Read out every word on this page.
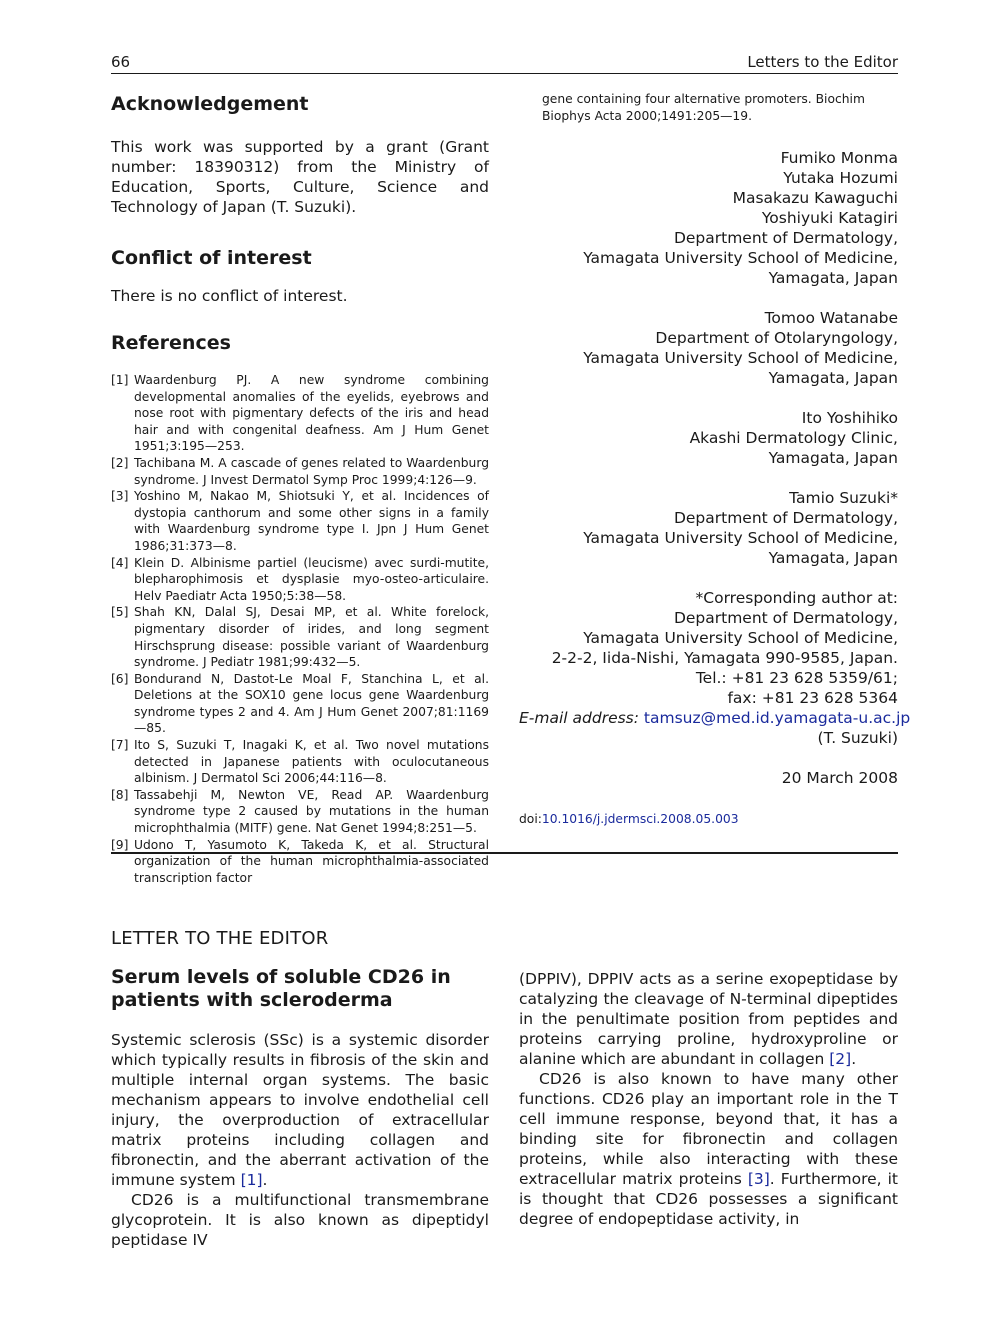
66	Letters to the Editor
Acknowledgement

This work was supported by a grant (Grant number: 18390312) from the Ministry of Education, Sports, Culture, Science and Technology of Japan (T. Suzuki).

Conflict of interest

There is no conflict of interest.

References
[1] Waardenburg PJ. A new syndrome combining developmental anomalies of the eyelids, eyebrows and nose root with pigmentary defects of the iris and head hair and with congenital deafness. Am J Hum Genet 1951;3:195—253.
[2] Tachibana M. A cascade of genes related to Waardenburg syndrome. J Invest Dermatol Symp Proc 1999;4:126—9.
[3] Yoshino M, Nakao M, Shiotsuki Y, et al. Incidences of dystopia canthorum and some other signs in a family with Waardenburg syndrome type I. Jpn J Hum Genet 1986;31:373—8.
[4] Klein D. Albinisme partiel (leucisme) avec surdi-mutite, blepharophimosis et dysplasie myo-osteo-articulaire. Helv Paediatr Acta 1950;5:38—58.
[5] Shah KN, Dalal SJ, Desai MP, et al. White forelock, pigmentary disorder of irides, and long segment Hirschsprung disease: possible variant of Waardenburg syndrome. J Pediatr 1981;99:432—5.
[6] Bondurand N, Dastot-Le Moal F, Stanchina L, et al. Deletions at the SOX10 gene locus gene Waardenburg syndrome types 2 and 4. Am J Hum Genet 2007;81:1169—85.
[7] Ito S, Suzuki T, Inagaki K, et al. Two novel mutations detected in Japanese patients with oculocutaneous albinism. J Dermatol Sci 2006;44:116—8.
[8] Tassabehji M, Newton VE, Read AP. Waardenburg syndrome type 2 caused by mutations in the human microphthalmia (MITF) gene. Nat Genet 1994;8:251—5.
[9] Udono T, Yasumoto K, Takeda K, et al. Structural organization of the human microphthalmia-associated transcription factor

gene containing four alternative promoters. Biochim Biophys Acta 2000;1491:205—19.

Fumiko Monma

Yutaka Hozumi

Masakazu Kawaguchi

Yoshiyuki Katagiri

Department of Dermatology,

Yamagata University School of Medicine,

Yamagata, Japan

Tomoo Watanabe

Department of Otolaryngology,

Yamagata University School of Medicine,

Yamagata, Japan

Ito Yoshihiko

Akashi Dermatology Clinic,

Yamagata, Japan

Tamio Suzuki*

Department of Dermatology,

Yamagata University School of Medicine,

Yamagata, Japan

*Corresponding author at:

Department of Dermatology,

Yamagata University School of Medicine,

2-2-2, Iida-Nishi, Yamagata 990-9585, Japan.

Tel.: +81 23 628 5359/61;

fax: +81 23 628 5364

E-mail address: tamsuz@med.id.yamagata-u.ac.jp

(T. Suzuki)

20 March 2008

doi:10.1016/j.jdermsci.2008.05.003

LETTER TO THE EDITOR

Serum levels of soluble CD26 in patients with scleroderma

Systemic sclerosis (SSc) is a systemic disorder which typically results in fibrosis of the skin and multiple internal organ systems. The basic mechanism appears to involve endothelial cell injury, the overproduction of extracellular matrix proteins including collagen and fibronectin, and the aberrant activation of the immune system [1].

CD26 is a multifunctional transmembrane glycoprotein. It is also known as dipeptidyl peptidase IV

(DPPIV), DPPIV acts as a serine exopeptidase by catalyzing the cleavage of N-terminal dipeptides in the penultimate position from peptides and proteins carrying proline, hydroxyproline or alanine which are abundant in collagen [2].

CD26 is also known to have many other functions. CD26 play an important role in the T cell immune response, beyond that, it has a binding site for fibronectin and collagen proteins, while also interacting with these extracellular matrix proteins [3]. Furthermore, it is thought that CD26 possesses a significant degree of endopeptidase activity, in
